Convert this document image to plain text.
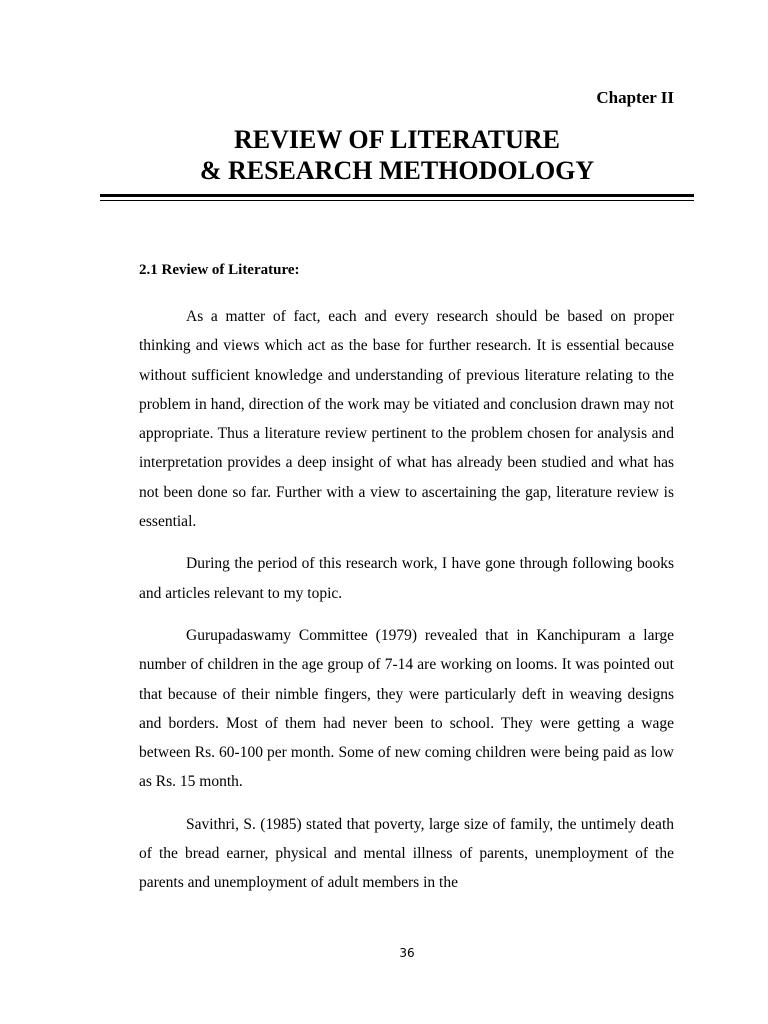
Chapter II
REVIEW OF LITERATURE
& RESEARCH METHODOLOGY
2.1 Review of Literature:

As a matter of fact, each and every research should be based on proper thinking and views which act as the base for further research. It is essential because without sufficient knowledge and understanding of previous literature relating to the problem in hand, direction of the work may be vitiated and conclusion drawn may not appropriate. Thus a literature review pertinent to the problem chosen for analysis and interpretation provides a deep insight of what has already been studied and what has not been done so far. Further with a view to ascertaining the gap, literature review is essential.

During the period of this research work, I have gone through following books and articles relevant to my topic.

Gurupadaswamy Committee (1979) revealed that in Kanchipuram a large number of children in the age group of 7-14 are working on looms. It was pointed out that because of their nimble fingers, they were particularly deft in weaving designs and borders. Most of them had never been to school. They were getting a wage between Rs. 60-100 per month. Some of new coming children were being paid as low as Rs. 15 month.

Savithri, S. (1985) stated that poverty, large size of family, the untimely death of the bread earner, physical and mental illness of parents, unemployment of the parents and unemployment of adult members in the

36
